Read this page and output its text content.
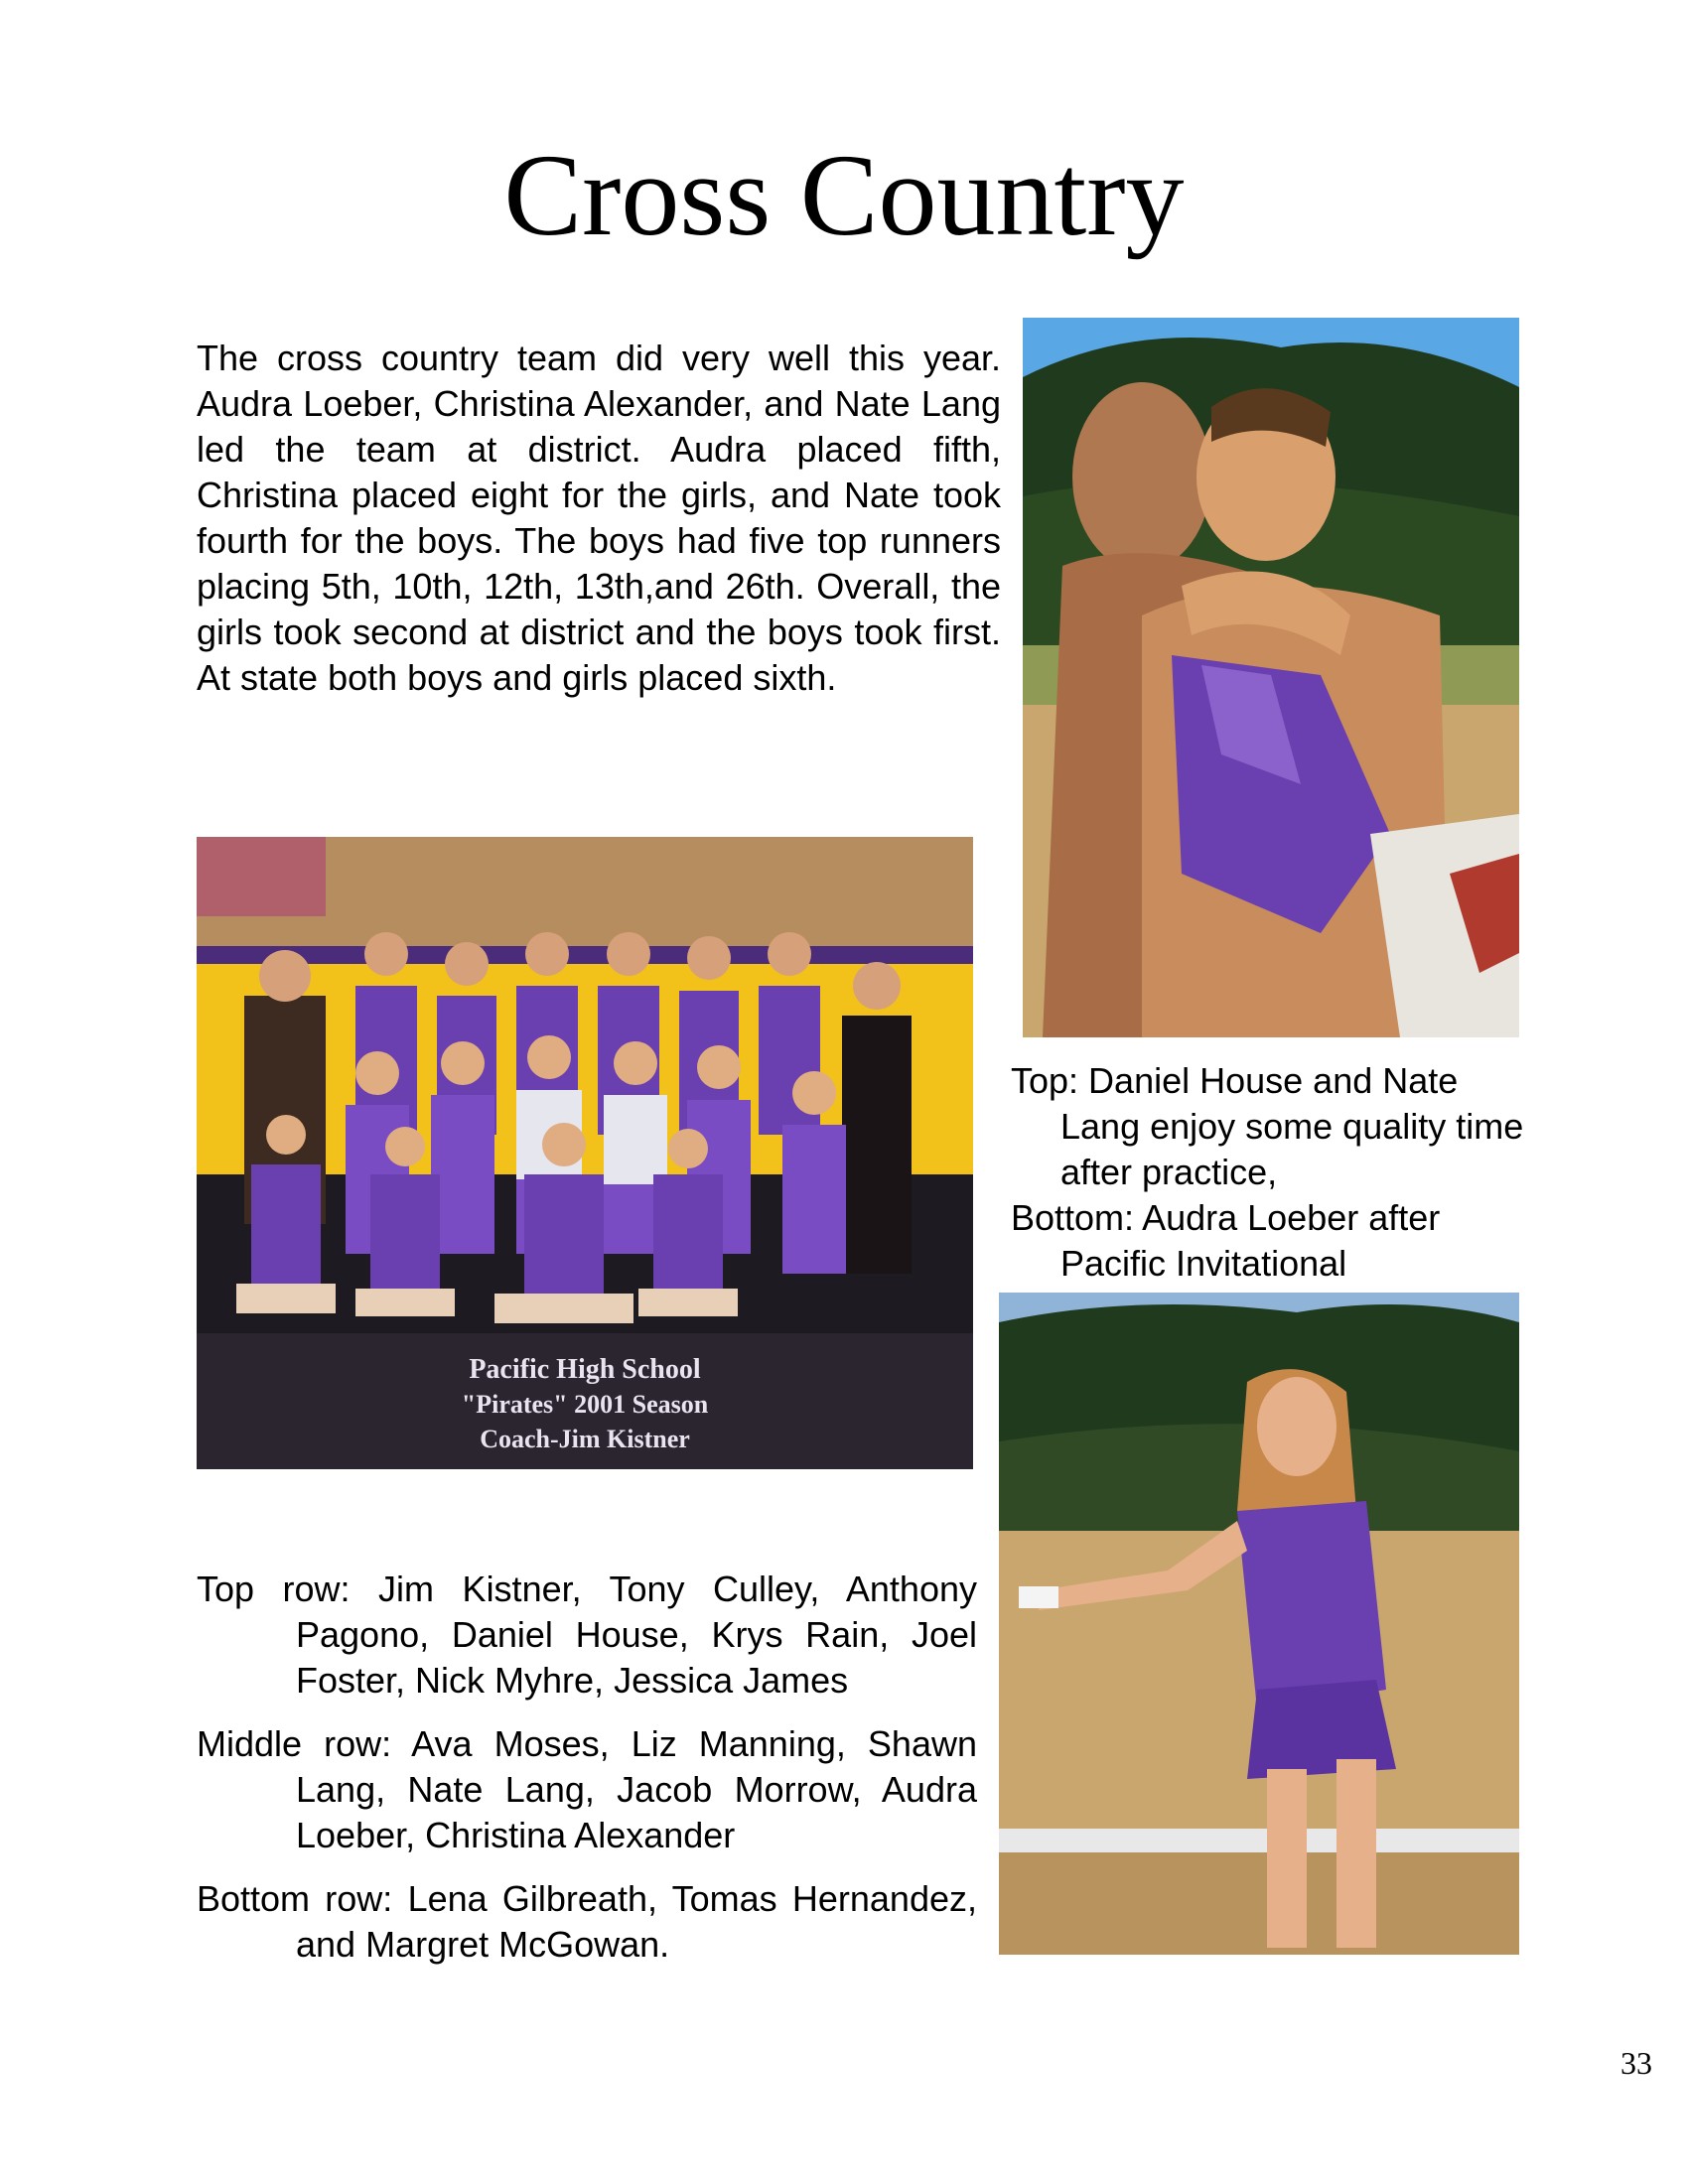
Cross Country

The cross country team did very well this year. Audra Loeber, Christina Alexander, and Nate Lang led the team at district. Audra placed fifth, Christina placed eight for the girls, and Nate took fourth for the boys. The boys had five top runners placing 5th, 10th, 12th, 13th,and 26th. Overall, the girls took second at district and the boys took first. At state both boys and girls placed sixth.

Top: Daniel House and Nate Lang enjoy some quality time after practice,

Bottom: Audra Loeber after Pacific Invitational

Pacific High School
"Pirates" 2001 Season
Coach-Jim Kistner

Top row: Jim Kistner, Tony Culley, Anthony Pagono, Daniel House, Krys Rain, Joel Foster, Nick Myhre, Jessica James

Middle row: Ava Moses, Liz Manning, Shawn Lang, Nate Lang, Jacob Morrow, Audra Loeber, Christina Alexander

Bottom row: Lena Gilbreath, Tomas Hernandez, and Margret McGowan.

33
